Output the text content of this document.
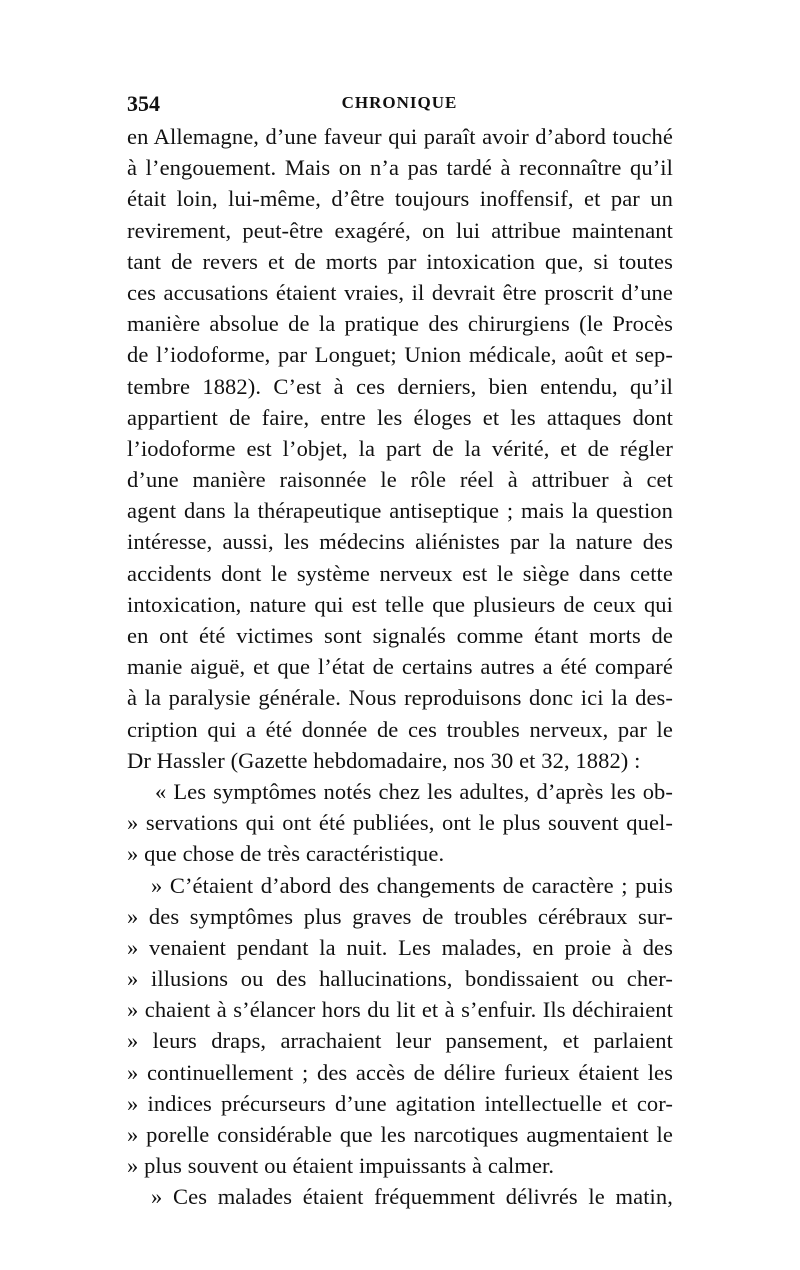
354	CHRONIQUE
en Allemagne, d’une faveur qui paraît avoir d’abord touché
à l’engouement. Mais on n’a pas tardé à reconnaître qu’il
était loin, lui-même, d’être toujours inoffensif, et par un
revirement, peut-être exagéré, on lui attribue maintenant
tant de revers et de morts par intoxication que, si toutes
ces accusations étaient vraies, il devrait être proscrit d’une
manière absolue de la pratique des chirurgiens (le Procès
de l’iodoforme, par Longuet; Union médicale, août et sep-
tembre 1882). C’est à ces derniers, bien entendu, qu’il
appartient de faire, entre les éloges et les attaques dont
l’iodoforme est l’objet, la part de la vérité, et de régler
d’une manière raisonnée le rôle réel à attribuer à cet
agent dans la thérapeutique antiseptique ; mais la question
intéresse, aussi, les médecins aliénistes par la nature des
accidents dont le système nerveux est le siège dans cette
intoxication, nature qui est telle que plusieurs de ceux qui
en ont été victimes sont signalés comme étant morts de
manie aiguë, et que l’état de certains autres a été comparé
à la paralysie générale. Nous reproduisons donc ici la des-
cription qui a été donnée de ces troubles nerveux, par le
Dr Hassler (Gazette hebdomadaire, nos 30 et 32, 1882) :
« Les symptômes notés chez les adultes, d’après les ob-
» servations qui ont été publiées, ont le plus souvent quel-
» que chose de très caractéristique.
» C’étaient d’abord des changements de caractère ; puis
» des symptômes plus graves de troubles cérébraux sur-
» venaient pendant la nuit. Les malades, en proie à des
» illusions ou des hallucinations, bondissaient ou cher-
» chaient à s’élancer hors du lit et à s’enfuir. Ils déchiraient
» leurs draps, arrachaient leur pansement, et parlaient
» continuellement ; des accès de délire furieux étaient les
» indices précurseurs d’une agitation intellectuelle et cor-
» porelle considérable que les narcotiques augmentaient le
» plus souvent ou étaient impuissants à calmer.
» Ces malades étaient fréquemment délivrés le matin,
